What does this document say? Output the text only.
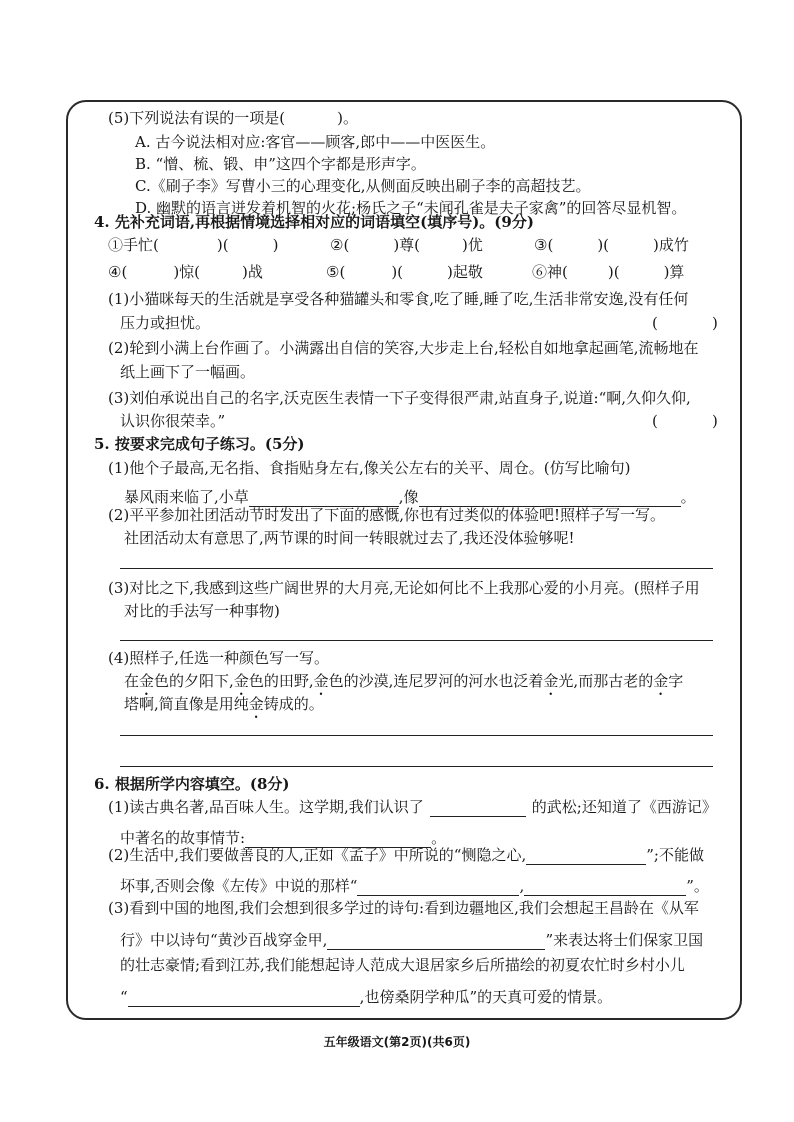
(5)下列说法有误的一项是(	)。
A. 古今说法相对应:客官——顾客,郎中——中医医生。
B. “憎、梳、锻、申”这四个字都是形声字。
C.《刷子李》写曹小三的心理变化,从侧面反映出刷子李的高超技艺。
D. 幽默的语言迸发着机智的火花;杨氏之子“未闻孔雀是夫子家禽”的回答尽显机智。
4. 先补充词语,再根据情境选择相对应的词语填空(填序号)。(9分)
①手忙(	)(	)	②(	)尊(	)优	③(	)(	)成竹
④(	)惊(	)战	⑤(	)(	)起敬	⑥神(	)(	)算
(1)小猫咪每天的生活就是享受各种猫罐头和零食,吃了睡,睡了吃,生活非常安逸,没有任何
压力或担忧。	(	)
(2)轮到小满上台作画了。小满露出自信的笑容,大步走上台,轻松自如地拿起画笔,流畅地在
纸上画下了一幅画。
(3)刘伯承说出自己的名字,沃克医生表情一下子变得很严肃,站直身子,说道:“啊,久仰久仰,
认识你很荣幸。”	(	)
5. 按要求完成句子练习。(5分)
(1)他个子最高,无名指、食指贴身左右,像关公左右的关平、周仓。(仿写比喻句)
暴风雨来临了,小草	,像	。
(2)平平参加社团活动节时发出了下面的感慨,你也有过类似的体验吧!照样子写一写。
社团活动太有意思了,两节课的时间一转眼就过去了,我还没体验够呢!
(3)对比之下,我感到这些广阔世界的大月亮,无论如何比不上我那心爱的小月亮。(照样子用
对比的手法写一种事物)
(4)照样子,任选一种颜色写一写。
在金色的夕阳下,金色的田野,金色的沙漠,连尼罗河的河水也泛着金光,而那古老的金字
塔啊,简直像是用纯金铸成的。
6. 根据所学内容填空。(8分)
(1)读古典名著,品百味人生。这学期,我们认识了	的武松;还知道了《西游记》
中著名的故事情节:	。
(2)生活中,我们要做善良的人,正如《孟子》中所说的“恻隐之心,	”;不能做
坏事,否则会像《左传》中说的那样“	,	”。
(3)看到中国的地图,我们会想到很多学过的诗句:看到边疆地区,我们会想起王昌龄在《从军
行》中以诗句“黄沙百战穿金甲,	”来表达将士们保家卫国
的壮志豪情;看到江苏,我们能想起诗人范成大退居家乡后所描绘的初夏农忙时乡村小儿
“	,也傍桑阴学种瓜”的天真可爱的情景。
五年级语文(第2页)(共6页)
